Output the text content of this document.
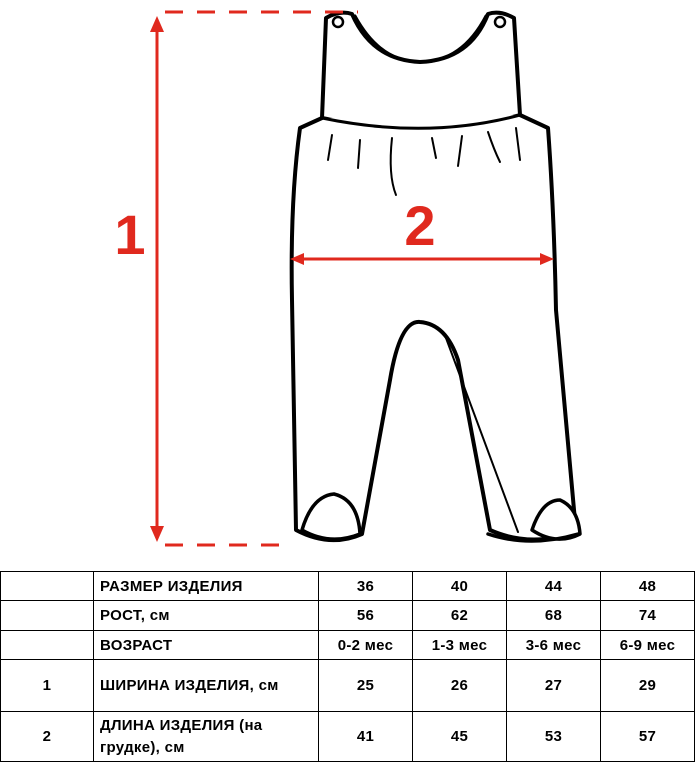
1	2
	РАЗМЕР ИЗДЕЛИЯ	36	40	44	48
	РОСТ, см	56	62	68	74
	ВОЗРАСТ	0-2 мес	1-3 мес	3-6 мес	6-9 мес
1	ШИРИНА ИЗДЕЛИЯ, см	25	26	27	29
2	ДЛИНА ИЗДЕЛИЯ (на грудке), см	41	45	53	57
